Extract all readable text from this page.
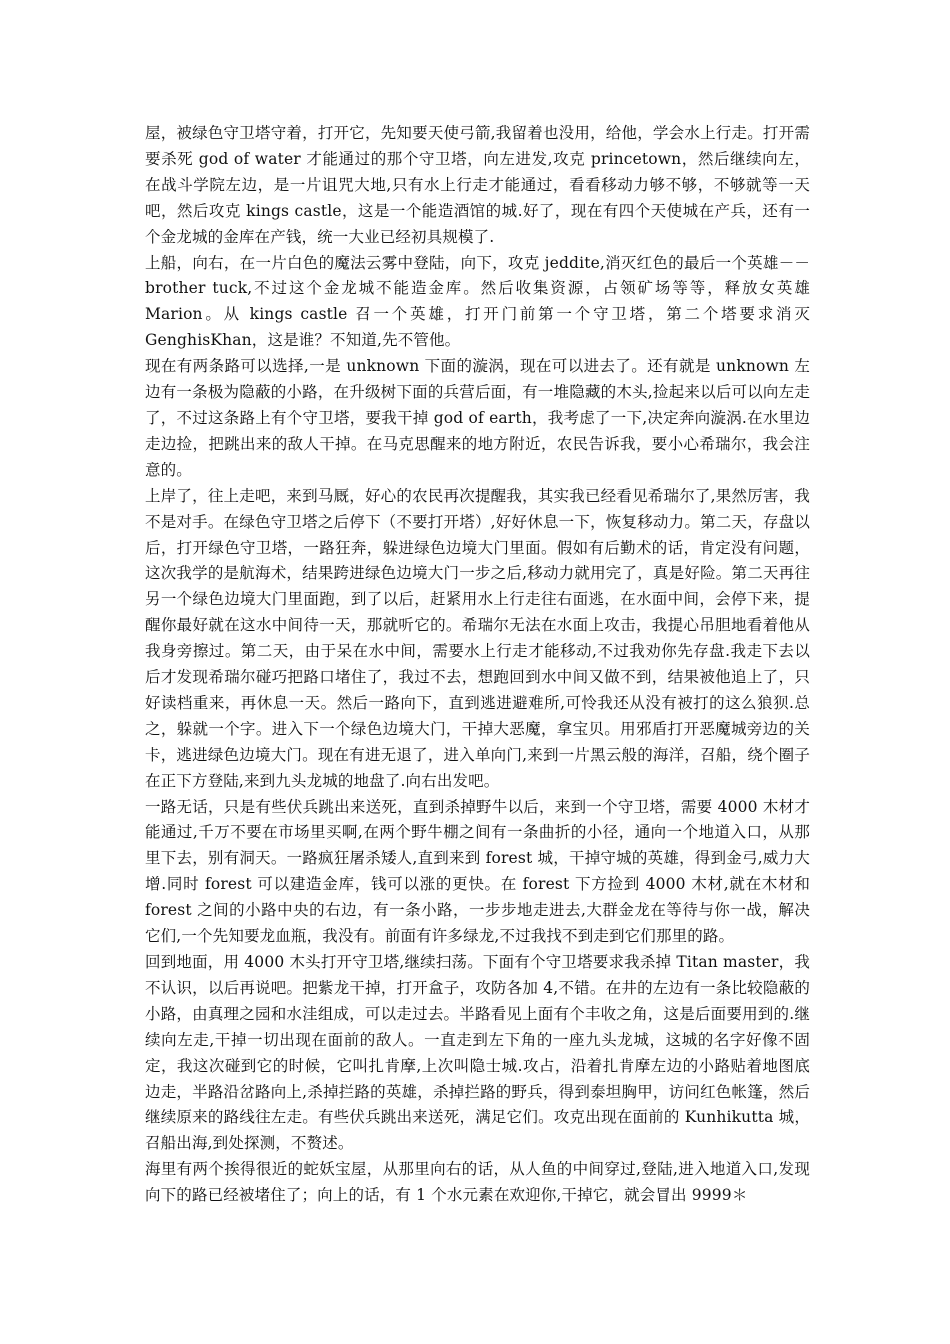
屋，被绿色守卫塔守着，打开它，先知要天使弓箭,我留着也没用，给他，学会水上行走。打开需要杀死 god of water 才能通过的那个守卫塔，向左进发,攻克 princetown，然后继续向左，在战斗学院左边，是一片诅咒大地,只有水上行走才能通过，看看移动力够不够，不够就等一天吧，然后攻克 kings castle，这是一个能造酒馆的城.好了，现在有四个天使城在产兵，还有一个金龙城的金库在产钱，统一大业已经初具规模了.

上船，向右，在一片白色的魔法云雾中登陆，向下，攻克 jeddite,消灭红色的最后一个英雄－－brother tuck,不过这个金龙城不能造金库。然后收集资源，占领矿场等等，释放女英雄 Marion。从 kings castle 召一个英雄，打开门前第一个守卫塔，第二个塔要求消灭 GenghisKhan，这是谁？不知道,先不管他。

现在有两条路可以选择,一是 unknown 下面的漩涡，现在可以进去了。还有就是 unknown 左边有一条极为隐蔽的小路，在升级树下面的兵营后面，有一堆隐藏的木头,捡起来以后可以向左走了，不过这条路上有个守卫塔，要我干掉 god of earth，我考虑了一下,决定奔向漩涡.在水里边走边捡，把跳出来的敌人干掉。在马克思醒来的地方附近，农民告诉我，要小心希瑞尔，我会注意的。

上岸了，往上走吧，来到马厩，好心的农民再次提醒我，其实我已经看见希瑞尔了,果然厉害，我不是对手。在绿色守卫塔之后停下（不要打开塔）,好好休息一下，恢复移动力。第二天，存盘以后，打开绿色守卫塔，一路狂奔，躲进绿色边境大门里面。假如有后勤术的话，肯定没有问题，这次我学的是航海术，结果跨进绿色边境大门一步之后,移动力就用完了，真是好险。第二天再往另一个绿色边境大门里面跑，到了以后，赶紧用水上行走往右面逃，在水面中间，会停下来，提醒你最好就在这水中间待一天，那就听它的。希瑞尔无法在水面上攻击，我提心吊胆地看着他从我身旁擦过。第二天，由于呆在水中间，需要水上行走才能移动,不过我劝你先存盘.我走下去以后才发现希瑞尔碰巧把路口堵住了，我过不去，想跑回到水中间又做不到，结果被他追上了，只好读档重来，再休息一天。然后一路向下，直到逃进避难所,可怜我还从没有被打的这么狼狈.总之，躲就一个字。进入下一个绿色边境大门，干掉大恶魔，拿宝贝。用邪盾打开恶魔城旁边的关卡，逃进绿色边境大门。现在有进无退了，进入单向门,来到一片黑云般的海洋，召船，绕个圈子在正下方登陆,来到九头龙城的地盘了.向右出发吧。

一路无话，只是有些伏兵跳出来送死，直到杀掉野牛以后，来到一个守卫塔，需要 4000 木材才能通过,千万不要在市场里买啊,在两个野牛棚之间有一条曲折的小径，通向一个地道入口，从那里下去，别有洞天。一路疯狂屠杀矮人,直到来到 forest 城，干掉守城的英雄，得到金弓,威力大增.同时 forest 可以建造金库，钱可以涨的更快。在 forest 下方捡到 4000 木材,就在木材和 forest 之间的小路中央的右边，有一条小路，一步步地走进去,大群金龙在等待与你一战，解决它们,一个先知要龙血瓶，我没有。前面有许多绿龙,不过我找不到走到它们那里的路。

回到地面，用 4000 木头打开守卫塔,继续扫荡。下面有个守卫塔要求我杀掉 Titan master，我不认识，以后再说吧。把紫龙干掉，打开盒子，攻防各加 4,不错。在井的左边有一条比较隐蔽的小路，由真理之园和水洼组成，可以走过去。半路看见上面有个丰收之角，这是后面要用到的.继续向左走,干掉一切出现在面前的敌人。一直走到左下角的一座九头龙城，这城的名字好像不固定，我这次碰到它的时候，它叫扎肯摩,上次叫隐士城.攻占，沿着扎肯摩左边的小路贴着地图底边走，半路沿岔路向上,杀掉拦路的英雄，杀掉拦路的野兵，得到泰坦胸甲，访问红色帐篷，然后继续原来的路线往左走。有些伏兵跳出来送死，满足它们。攻克出现在面前的 Kunhikutta 城，召船出海,到处探测，不赘述。

海里有两个挨得很近的蛇妖宝屋，从那里向右的话，从人鱼的中间穿过,登陆,进入地道入口,发现向下的路已经被堵住了；向上的话，有 1 个水元素在欢迎你,干掉它，就会冒出 9999＊
